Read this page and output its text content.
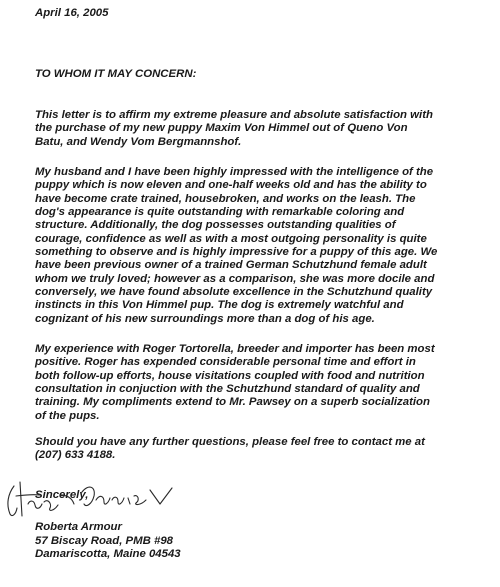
April 16, 2005
TO WHOM IT MAY CONCERN:
This letter is to affirm my extreme pleasure and absolute satisfaction with
the purchase of my new puppy Maxim Von Himmel out of Queno Von
Batu, and Wendy Vom Bergmannshof.
My husband and I have been highly impressed with the intelligence of the
puppy which is now eleven and one-half weeks old and has the ability to
have become crate trained, housebroken, and works on the leash. The
dog's appearance is quite outstanding with remarkable coloring and
structure. Additionally, the dog possesses outstanding qualities of
courage, confidence as well as with a most outgoing personality is quite
something to observe and is highly impressive for a puppy of this age. We
have been previous owner of a trained German Schutzhund female adult
whom we truly loved; however as a comparison, she was more docile and
conversely, we have found absolute excellence in the Schutzhund quality
instincts in this Von Himmel pup. The dog is extremely watchful and
cognizant of his new surroundings more than a dog of his age.
My experience with Roger Tortorella, breeder and importer has been most
positive. Roger has expended considerable personal time and effort in
both follow-up efforts, house visitations coupled with food and nutrition
consultation in conjuction with the Schutzhund standard of quality and
training. My compliments extend to Mr. Pawsey on a superb socialization
of the pups.
Should you have any further questions, please feel free to contact me at
(207) 633 4188.
Sincerely,
Roberta Armour
57 Biscay Road, PMB #98
Damariscotta, Maine 04543
